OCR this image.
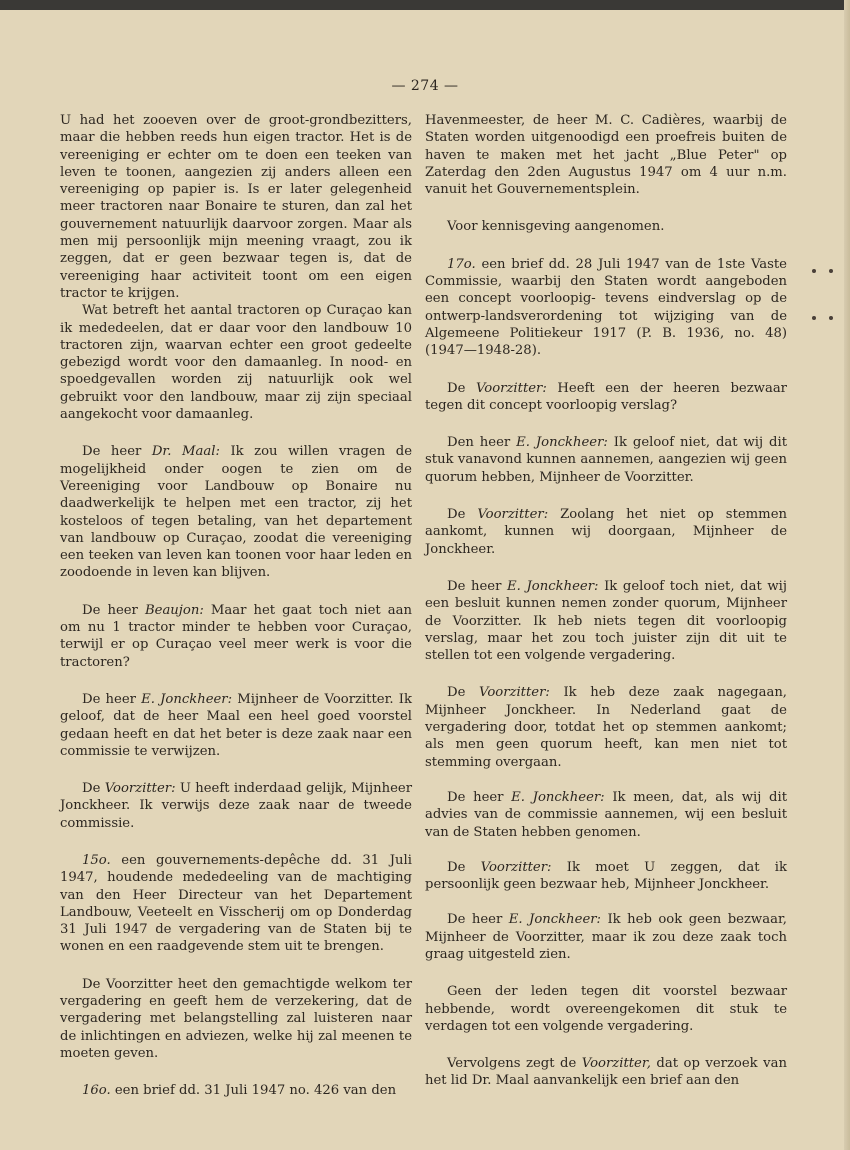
— 274 —

U had het zooeven over de groot-grondbezitters, maar die hebben reeds hun eigen tractor. Het is de vereeniging er echter om te doen een teeken van leven te toonen, aangezien zij anders alleen een vereeniging op papier is. Is er later gelegenheid meer tractoren naar Bonaire te sturen, dan zal het gouvernement natuurlijk daarvoor zorgen. Maar als men mij persoonlijk mijn meening vraagt, zou ik zeggen, dat er geen bezwaar tegen is, dat de vereeniging haar activiteit toont om een eigen tractor te krijgen.

Wat betreft het aantal tractoren op Curaçao kan ik mededeelen, dat er daar voor den landbouw 10 tractoren zijn, waarvan echter een groot gedeelte gebezigd wordt voor den damaanleg. In nood- en spoedgevallen worden zij natuurlijk ook wel gebruikt voor den landbouw, maar zij zijn speciaal aangekocht voor damaanleg.

De heer Dr. Maal: Ik zou willen vragen de mogelijkheid onder oogen te zien om de Vereeniging voor Landbouw op Bonaire nu daadwerkelijk te helpen met een tractor, zij het kosteloos of tegen betaling, van het departement van landbouw op Curaçao, zoodat die vereeniging een teeken van leven kan toonen voor haar leden en zoodoende in leven kan blijven.

De heer Beaujon: Maar het gaat toch niet aan om nu 1 tractor minder te hebben voor Curaçao, terwijl er op Curaçao veel meer werk is voor die tractoren?

De heer E. Jonckheer: Mijnheer de Voorzitter. Ik geloof, dat de heer Maal een heel goed voorstel gedaan heeft en dat het beter is deze zaak naar een commissie te verwijzen.

De Voorzitter: U heeft inderdaad gelijk, Mijnheer Jonckheer. Ik verwijs deze zaak naar de tweede commissie.

15o. een gouvernements-depêche dd. 31 Juli 1947, houdende mededeeling van de machtiging van den Heer Directeur van het Departement Landbouw, Veeteelt en Visscherij om op Donderdag 31 Juli 1947 de vergadering van de Staten bij te wonen en een raadgevende stem uit te brengen.

De Voorzitter heet den gemachtigde welkom ter vergadering en geeft hem de verzekering, dat de vergadering met belangstelling zal luisteren naar de inlichtingen en adviezen, welke hij zal meenen te moeten geven.

16o. een brief dd. 31 Juli 1947 no. 426 van den

Havenmeester, de heer M. C. Cadières, waarbij de Staten worden uitgenoodigd een proefreis buiten de haven te maken met het jacht „Blue Peter" op Zaterdag den 2den Augustus 1947 om 4 uur n.m. vanuit het Gouvernementsplein.

Voor kennisgeving aangenomen.

17o. een brief dd. 28 Juli 1947 van de 1ste Vaste Commissie, waarbij den Staten wordt aangeboden een concept voorloopig- tevens eindverslag op de ontwerp-landsverordening tot wijziging van de Algemeene Politiekeur 1917 (P. B. 1936, no. 48) (1947—1948-28).

De Voorzitter: Heeft een der heeren bezwaar tegen dit concept voorloopig verslag?

Den heer E. Jonckheer: Ik geloof niet, dat wij dit stuk vanavond kunnen aannemen, aangezien wij geen quorum hebben, Mijnheer de Voorzitter.

De Voorzitter: Zoolang het niet op stemmen aankomt, kunnen wij doorgaan, Mijnheer de Jonckheer.

De heer E. Jonckheer: Ik geloof toch niet, dat wij een besluit kunnen nemen zonder quorum, Mijnheer de Voorzitter. Ik heb niets tegen dit voorloopig verslag, maar het zou toch juister zijn dit uit te stellen tot een volgende vergadering.

De Voorzitter: Ik heb deze zaak nagegaan, Mijnheer Jonckheer. In Nederland gaat de vergadering door, totdat het op stemmen aankomt; als men geen quorum heeft, kan men niet tot stemming overgaan.

De heer E. Jonckheer: Ik meen, dat, als wij dit advies van de commissie aannemen, wij een besluit van de Staten hebben genomen.

De Voorzitter: Ik moet U zeggen, dat ik persoonlijk geen bezwaar heb, Mijnheer Jonckheer.

De heer E. Jonckheer: Ik heb ook geen bezwaar, Mijnheer de Voorzitter, maar ik zou deze zaak toch graag uitgesteld zien.

Geen der leden tegen dit voorstel bezwaar hebbende, wordt overeengekomen dit stuk te verdagen tot een volgende vergadering.

Vervolgens zegt de Voorzitter, dat op verzoek van het lid Dr. Maal aanvankelijk een brief aan den
